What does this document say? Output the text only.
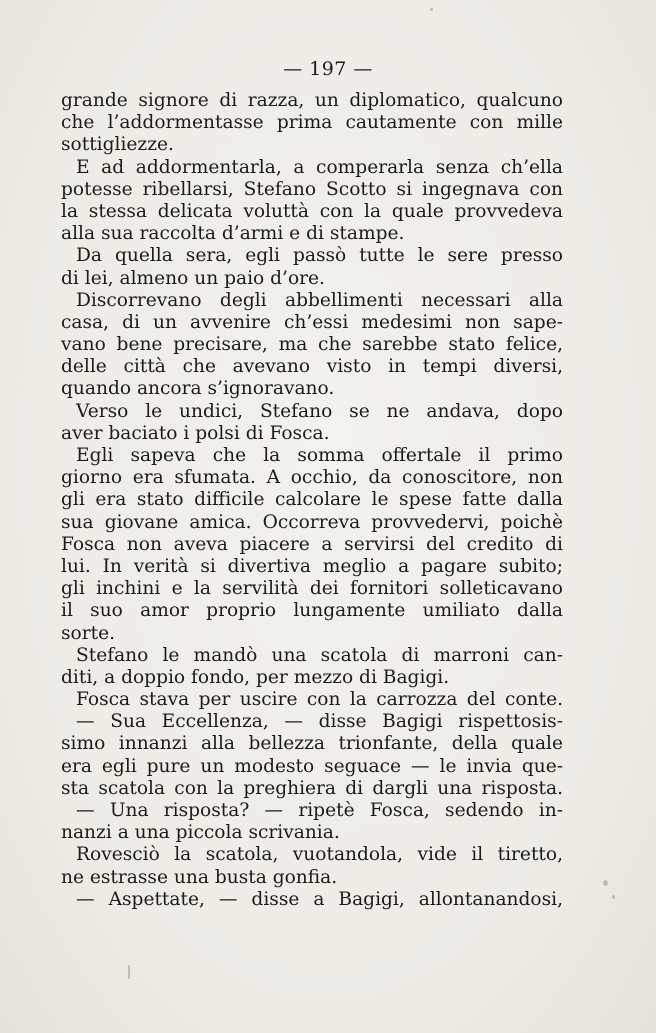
— 197 —
grande signore di razza, un diplomatico, qualcuno
che l’addormentasse prima cautamente con mille
sottigliezze.
E ad addormentarla, a comperarla senza ch’ella
potesse ribellarsi, Stefano Scotto si ingegnava con
la stessa delicata voluttà con la quale provvedeva
alla sua raccolta d’armi e di stampe.
Da quella sera, egli passò tutte le sere presso
di lei, almeno un paio d’ore.
Discorrevano degli abbellimenti necessari alla
casa, di un avvenire ch’essi medesimi non sape-
vano bene precisare, ma che sarebbe stato felice,
delle città che avevano visto in tempi diversi,
quando ancora s’ignoravano.
Verso le undici, Stefano se ne andava, dopo
aver baciato i polsi di Fosca.
Egli sapeva che la somma offertale il primo
giorno era sfumata. A occhio, da conoscitore, non
gli era stato difficile calcolare le spese fatte dalla
sua giovane amica. Occorreva provvedervi, poichè
Fosca non aveva piacere a servirsi del credito di
lui. In verità si divertiva meglio a pagare subito;
gli inchini e la servilità dei fornitori solleticavano
il suo amor proprio lungamente umiliato dalla
sorte.
Stefano le mandò una scatola di marroni can-
diti, a doppio fondo, per mezzo di Bagigi.
Fosca stava per uscire con la carrozza del conte.
— Sua Eccellenza, — disse Bagigi rispettosis-
simo innanzi alla bellezza trionfante, della quale
era egli pure un modesto seguace — le invia que-
sta scatola con la preghiera di dargli una risposta.
— Una risposta? — ripetè Fosca, sedendo in-
nanzi a una piccola scrivania.
Rovesciò la scatola, vuotandola, vide il tiretto,
ne estrasse una busta gonfia.
— Aspettate, — disse a Bagigi, allontanandosi,
